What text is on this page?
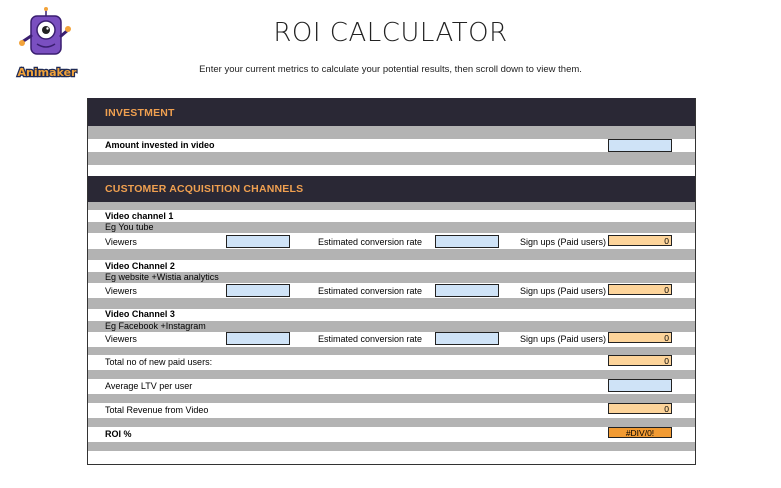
Animaker
ROI CALCULATOR
Enter your current metrics to calculate your potential results, then scroll down to view them.
INVESTMENT
Amount invested in video
CUSTOMER ACQUISITION CHANNELS
Video channel 1
Eg You tube
Viewers	Estimated conversion rate	Sign ups (Paid users)	0
Video Channel 2
Eg website +Wistia analytics
Viewers	Estimated conversion rate	Sign ups (Paid users)	0
Video Channel 3
Eg Facebook +Instagram
Viewers	Estimated conversion rate	Sign ups (Paid users)	0
Total no of new paid users:	0
Average LTV per user
Total Revenue from Video	0
ROI %	#DIV/0!
